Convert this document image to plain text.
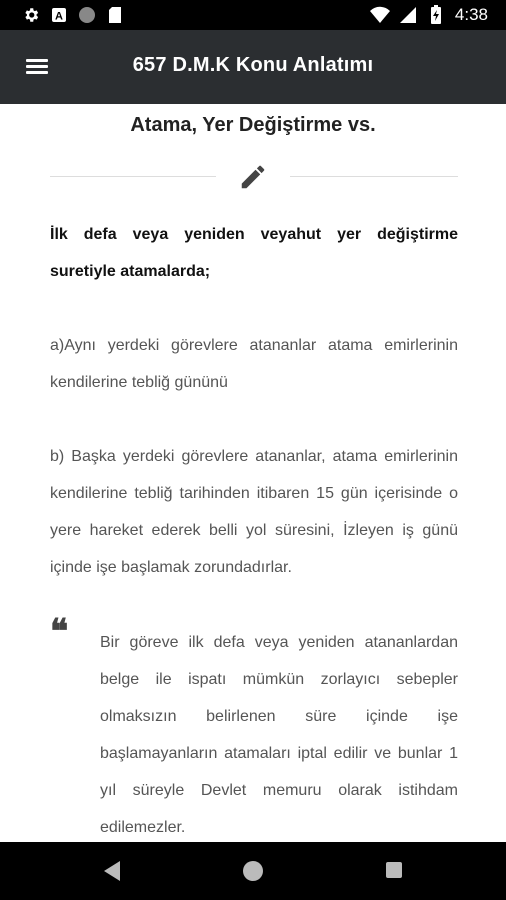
A	4:38
657 D.M.K Konu Anlatımı
Atama, Yer Değiştirme vs.
İlk defa veya yeniden veyahut yer değiştirme suretiyle atamalarda;
a)Aynı yerdeki görevlere atananlar atama emirlerinin kendilerine tebliğ gününü
b) Başka yerdeki görevlere atananlar, atama emirlerinin kendilerine tebliğ tarihinden itibaren 15 gün içerisinde o yere hareket ederek belli yol süresini, İzleyen iş günü içinde işe başlamak zorundadırlar.
❝ Bir göreve ilk defa veya yeniden atananlardan belge ile ispatı mümkün zorlayıcı sebepler olmaksızın belirlenen süre içinde işe başlamayanların atamaları iptal edilir ve bunlar 1 yıl süreyle Devlet memuru olarak istihdam edilemezler.
